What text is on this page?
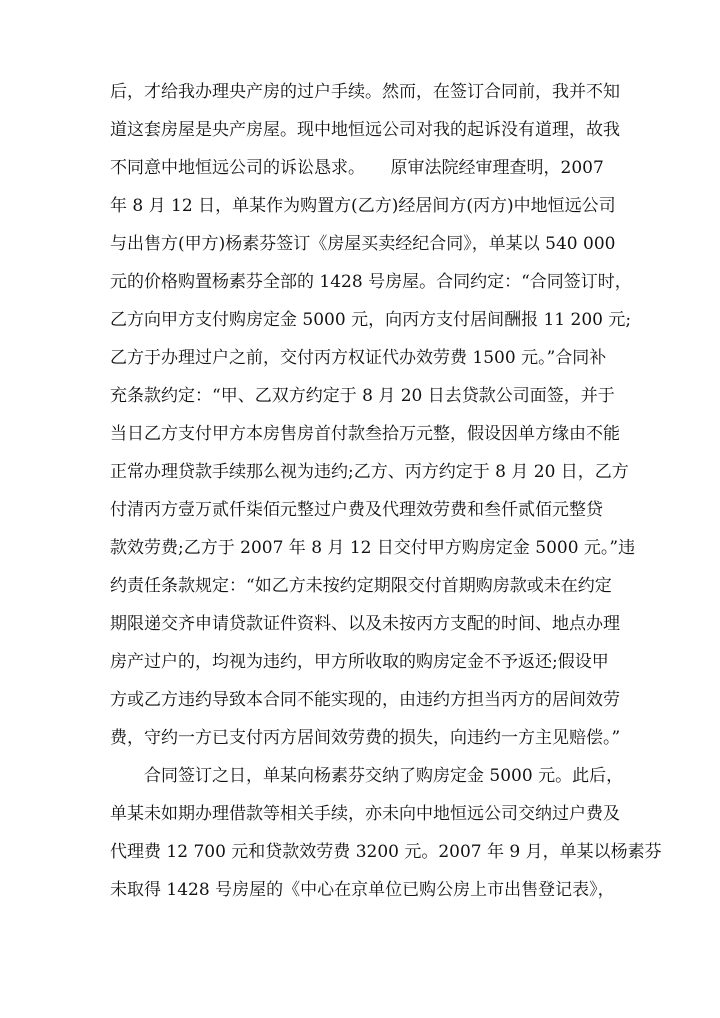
后，才给我办理央产房的过户手续。然而，在签订合同前，我并不知
道这套房屋是央产房屋。现中地恒远公司对我的起诉没有道理，故我
不同意中地恒远公司的诉讼恳求。　　原审法院经审理查明，2007
年 8 月 12 日，单某作为购置方(乙方)经居间方(丙方)中地恒远公司
与出售方(甲方)杨素芬签订《房屋买卖经纪合同》，单某以 540 000
元的价格购置杨素芬全部的 1428 号房屋。合同约定：“合同签订时，
乙方向甲方支付购房定金 5000 元，向丙方支付居间酬报 11 200 元;
乙方于办理过户之前，交付丙方权证代办效劳费 1500 元。”合同补
充条款约定：“甲、乙双方约定于 8 月 20 日去贷款公司面签，并于
当日乙方支付甲方本房售房首付款叁拾万元整，假设因单方缘由不能
正常办理贷款手续那么视为违约;乙方、丙方约定于 8 月 20 日，乙方
付清丙方壹万贰仟柒佰元整过户费及代理效劳费和叁仟贰佰元整贷
款效劳费;乙方于 2007 年 8 月 12 日交付甲方购房定金 5000 元。”违
约责任条款规定：“如乙方未按约定期限交付首期购房款或未在约定
期限递交齐申请贷款证件资料、以及未按丙方支配的时间、地点办理
房产过户的，均视为违约，甲方所收取的购房定金不予返还;假设甲
方或乙方违约导致本合同不能实现的，由违约方担当丙方的居间效劳
费，守约一方已支付丙方居间效劳费的损失，向违约一方主见赔偿。”
　　合同签订之日，单某向杨素芬交纳了购房定金 5000 元。此后，
单某未如期办理借款等相关手续，亦未向中地恒远公司交纳过户费及
代理费 12 700 元和贷款效劳费 3200 元。2007 年 9 月，单某以杨素芬
未取得 1428 号房屋的《中心在京单位已购公房上市出售登记表》，
